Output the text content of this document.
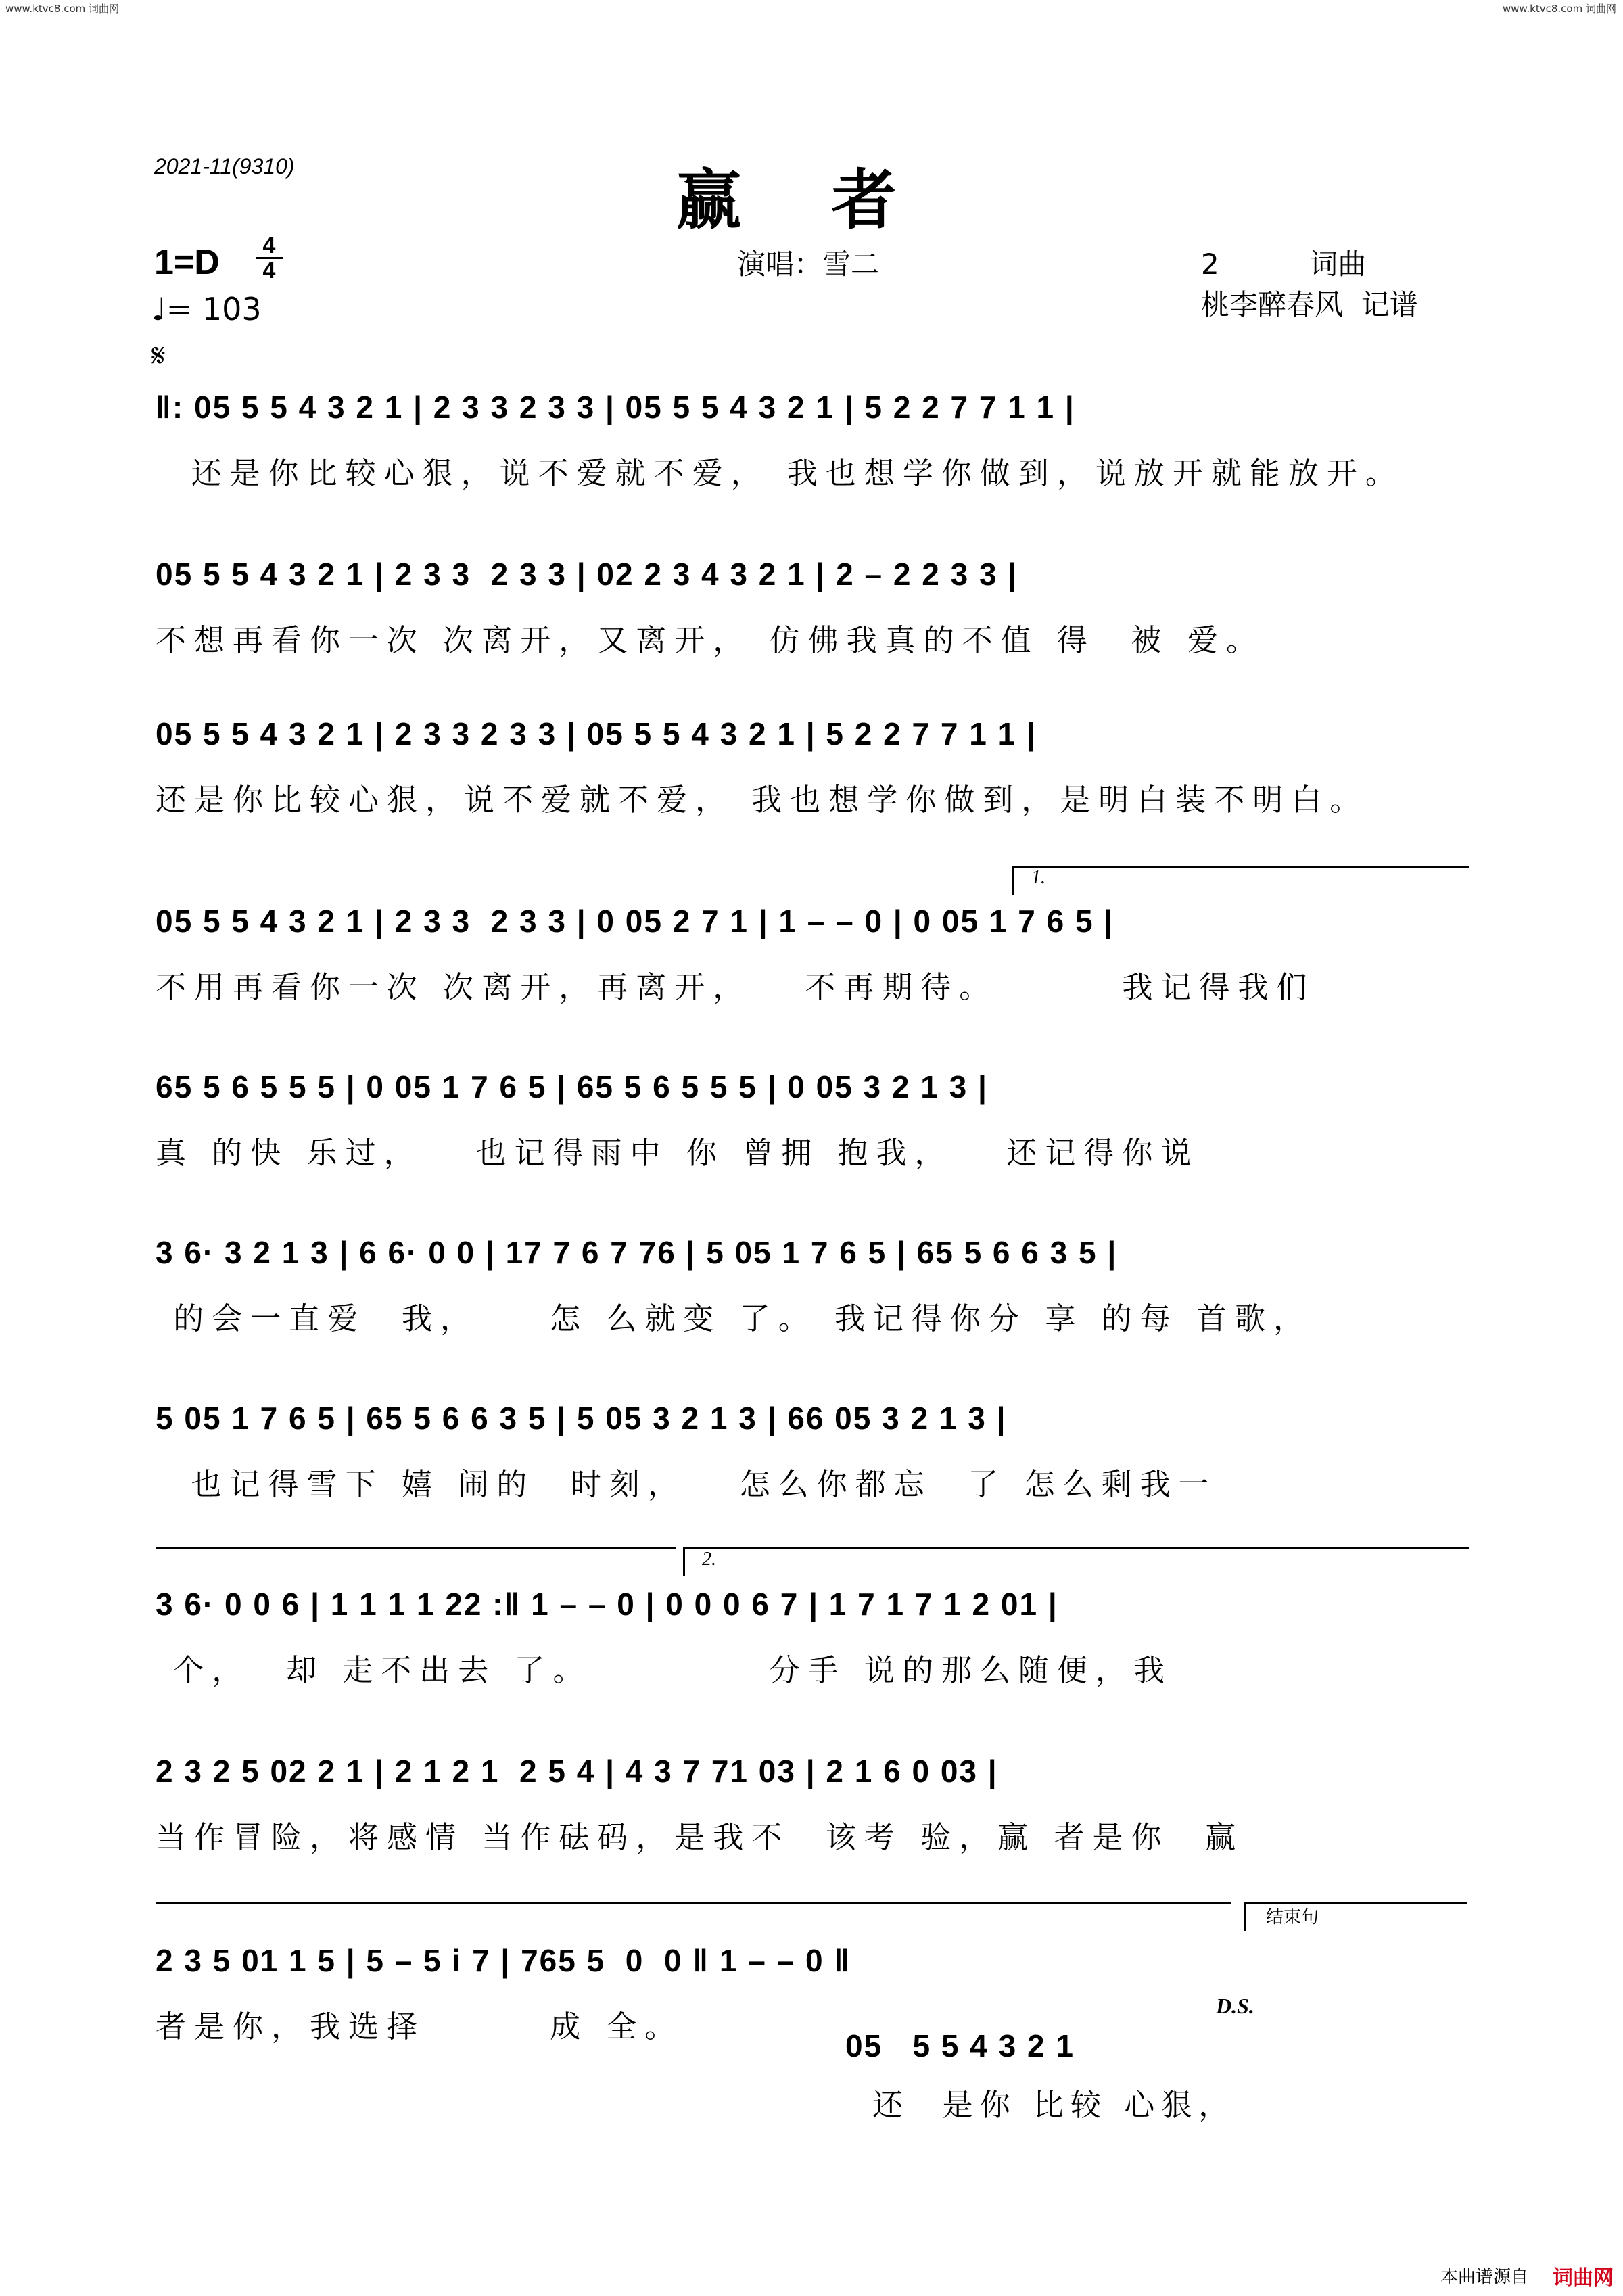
www.ktvc8.com 词曲网	www.ktvc8.com 词曲网
2021-11(9310)	赢    者
演唱：雪二	2          词曲
桃李醉春风  记谱
$1=D \frac{4}{4}$
♩= 103
𝄋
‖: 05 5 5 4 3 2 1 | 2 3 3 2 3 3 | 05 5 5 4 3 2 1 | 5 2 2 7 7 1 1 |
还是你比较心狠，说不爱就不爱， 我也想学你做到，说放开就能放开。
05 5 5 4 3 2 1 | 2 3 3  2 3 3 | 02 2 3 4 3 2 1 | 2 – 2 2 3 3 |
不想再看你一次 次离开，又离开， 仿佛我真的不值 得  被 爱。
05 5 5 4 3 2 1 | 2 3 3 2 3 3 | 05 5 5 4 3 2 1 | 5 2 2 7 7 1 1 |
还是你比较心狠，说不爱就不爱， 我也想学你做到，是明白装不明白。
1.
05 5 5 4 3 2 1 | 2 3 3  2 3 3 | 0 05 2 7 1 | 1 – – 0 | 0 05 1 7 6 5 |
不用再看你一次 次离开，再离开，   不再期待。       我记得我们
65 5 6 5 5 5 | 0 05 1 7 6 5 | 65 5 6 5 5 5 | 0 05 3 2 1 3 |
真 的快 乐过，   也记得雨中 你 曾拥 抱我，   还记得你说
3 6· 3 2 1 3 | 6 6· 0 0 | 17 7 6 7 76 | 5 05 1 7 6 5 | 65 5 6 6 3 5 |
的会一直爱  我，    怎 么就变 了。 我记得你分 享 的每 首歌，
5 05 1 7 6 5 | 65 5 6 6 3 5 | 5 05 3 2 1 3 | 66 05 3 2 1 3 |
也记得雪下 嬉 闹的  时刻，   怎么你都忘  了 怎么剩我一
2.
3 6· 0 0 6 | 1 1 1 1 22 :‖ 1 – – 0 | 0 0 0 6 7 | 1 7 1 7 1 2 01 |
个，  却 走不出去 了。          分手 说的那么随便，我
2 3 2 5 02 2 1 | 2 1 2 1  2 5 4 | 4 3 7 71 03 | 2 1 6 0 03 |
当作冒险，将感情 当作砝码，是我不  该考 验，赢 者是你  赢
结束句
2 3 5 01 1 5 | 5 – 5 i 7 | 765 5  0  0 ‖ 1 – – 0 ‖
者是你，我选择       成 全。
D.S.
05   5 5 4 3 2 1
还  是你 比较 心狠，
本曲谱源自 词曲网
